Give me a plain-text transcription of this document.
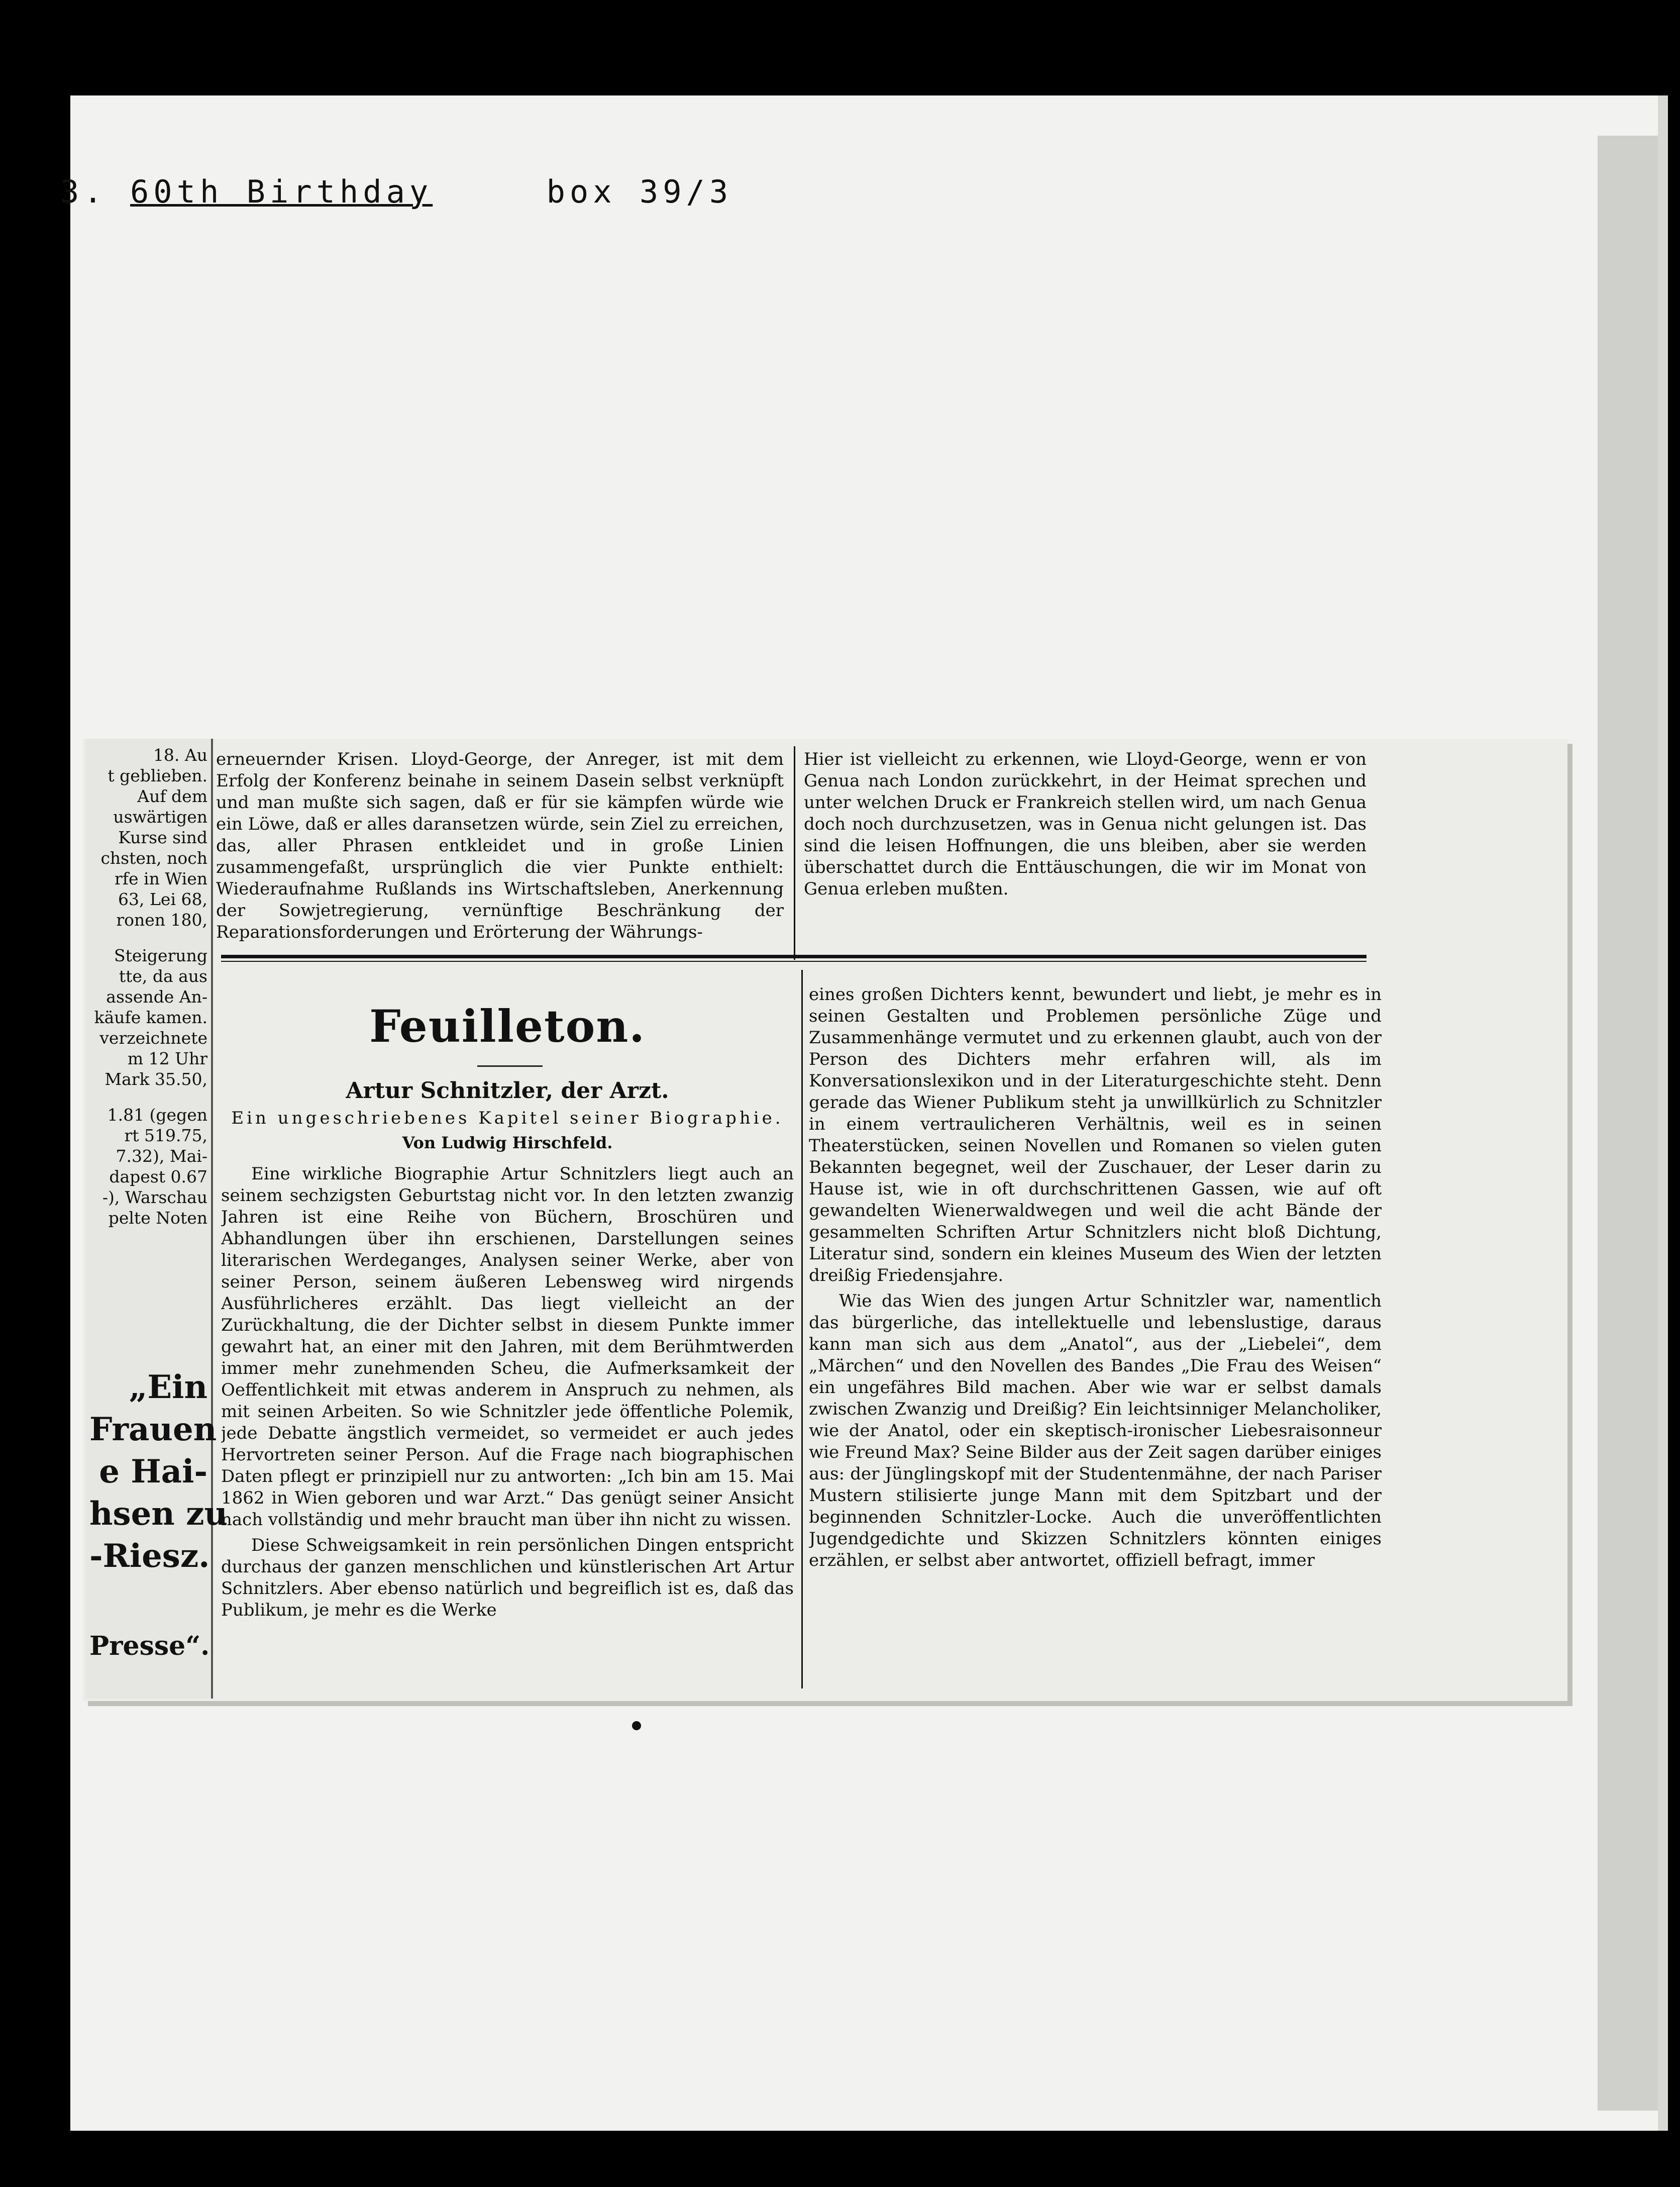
3. 60th Birthday	box 39/3
18. Au
t geblieben.
Auf dem
uswärtigen
Kurse sind
chsten, noch
rfe in Wien
63, Lei 68,
ronen 180,
Steigerung
tte, da aus
assende An-
käufe kamen.
verzeichnete
m 12 Uhr
Mark 35.50,
1.81 (gegen
rt 519.75,
7.32), Mai-
dapest 0.67
-), Warschau
pelte Noten
„Ein
Frauen
e Hai-
hsen zu
-Riesz.
Presse“.

erneuernder Krisen. Lloyd-George, der Anreger, ist mit dem Erfolg der Konferenz beinahe in seinem Dasein selbst verknüpft und man mußte sich sagen, daß er für sie kämpfen würde wie ein Löwe, daß er alles daransetzen würde, sein Ziel zu erreichen, das, aller Phrasen entkleidet und in große Linien zusammengefaßt, ursprünglich die vier Punkte enthielt: Wiederaufnahme Rußlands ins Wirtschaftsleben, Anerkennung der Sowjetregierung, vernünftige Beschränkung der Reparationsforderungen und Erörterung der Währungs-

Hier ist vielleicht zu erkennen, wie Lloyd-George, wenn er von Genua nach London zurückkehrt, in der Heimat sprechen und unter welchen Druck er Frankreich stellen wird, um nach Genua doch noch durchzusetzen, was in Genua nicht gelungen ist. Das sind die leisen Hoffnungen, die uns bleiben, aber sie werden überschattet durch die Enttäuschungen, die wir im Monat von Genua erleben mußten.

Feuilleton.
Artur Schnitzler, der Arzt.
Ein ungeschriebenes Kapitel seiner Biographie.
Von Ludwig Hirschfeld.

Eine wirkliche Biographie Artur Schnitzlers liegt auch an seinem sechzigsten Geburtstag nicht vor. In den letzten zwanzig Jahren ist eine Reihe von Büchern, Broschüren und Abhandlungen über ihn erschienen, Darstellungen seines literarischen Werdeganges, Analysen seiner Werke, aber von seiner Person, seinem äußeren Lebensweg wird nirgends Ausführlicheres erzählt. Das liegt vielleicht an der Zurückhaltung, die der Dichter selbst in diesem Punkte immer gewahrt hat, an einer mit den Jahren, mit dem Berühmtwerden immer mehr zunehmenden Scheu, die Aufmerksamkeit der Oeffentlichkeit mit etwas anderem in Anspruch zu nehmen, als mit seinen Arbeiten. So wie Schnitzler jede öffentliche Polemik, jede Debatte ängstlich vermeidet, so vermeidet er auch jedes Hervortreten seiner Person. Auf die Frage nach biographischen Daten pflegt er prinzipiell nur zu antworten: „Ich bin am 15. Mai 1862 in Wien geboren und war Arzt.“ Das genügt seiner Ansicht nach vollständig und mehr braucht man über ihn nicht zu wissen.

Diese Schweigsamkeit in rein persönlichen Dingen entspricht durchaus der ganzen menschlichen und künstlerischen Art Artur Schnitzlers. Aber ebenso natürlich und begreiflich ist es, daß das Publikum, je mehr es die Werke

eines großen Dichters kennt, bewundert und liebt, je mehr es in seinen Gestalten und Problemen persönliche Züge und Zusammenhänge vermutet und zu erkennen glaubt, auch von der Person des Dichters mehr erfahren will, als im Konversationslexikon und in der Literaturgeschichte steht. Denn gerade das Wiener Publikum steht ja unwillkürlich zu Schnitzler in einem vertraulicheren Verhältnis, weil es in seinen Theaterstücken, seinen Novellen und Romanen so vielen guten Bekannten begegnet, weil der Zuschauer, der Leser darin zu Hause ist, wie in oft durchschrittenen Gassen, wie auf oft gewandelten Wienerwaldwegen und weil die acht Bände der gesammelten Schriften Artur Schnitzlers nicht bloß Dichtung, Literatur sind, sondern ein kleines Museum des Wien der letzten dreißig Friedensjahre.

Wie das Wien des jungen Artur Schnitzler war, namentlich das bürgerliche, das intellektuelle und lebenslustige, daraus kann man sich aus dem „Anatol“, aus der „Liebelei“, dem „Märchen“ und den Novellen des Bandes „Die Frau des Weisen“ ein ungefähres Bild machen. Aber wie war er selbst damals zwischen Zwanzig und Dreißig? Ein leichtsinniger Melancholiker, wie der Anatol, oder ein skeptisch-ironischer Liebesraisonneur wie Freund Max? Seine Bilder aus der Zeit sagen darüber einiges aus: der Jünglingskopf mit der Studentenmähne, der nach Pariser Mustern stilisierte junge Mann mit dem Spitzbart und der beginnenden Schnitzler-Locke. Auch die unveröffentlichten Jugendgedichte und Skizzen Schnitzlers könnten einiges erzählen, er selbst aber antwortet, offiziell befragt, immer
